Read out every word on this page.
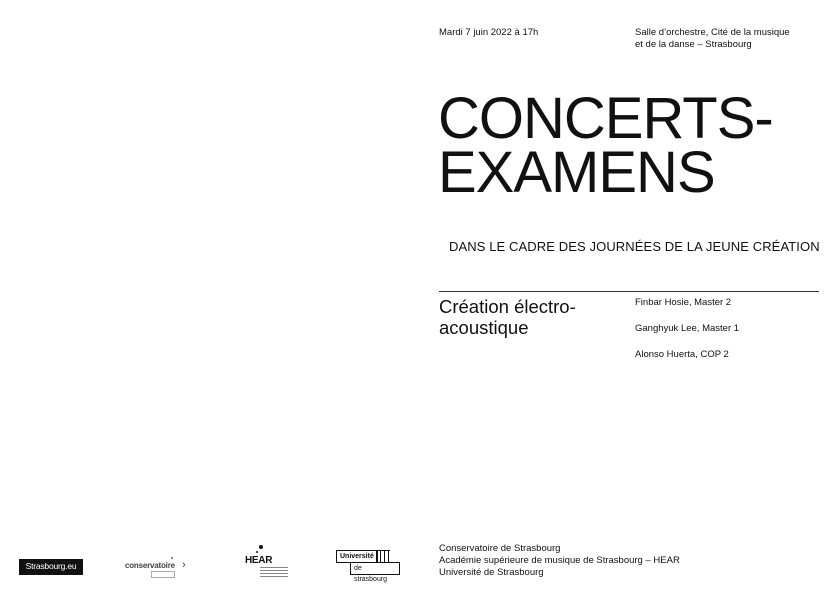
Mardi 7 juin 2022 à 17h	Salle d’orchestre, Cité de la musique
et de la danse – Strasbourg
CONCERTS-
EXAMENS
DANS LE CADRE DES JOURNÉES DE LA JEUNE CRÉATION
Création électro-
acoustique
Finbar Hosie, Master 2
Ganghyuk Lee, Master 1
Alonso Huerta, COP 2
Conservatoire de Strasbourg
Académie supérieure de musique de Strasbourg – HEAR
Université de Strasbourg
Strasbourg.eu	conservatoire ›	HEAR	Université
de strasbourg
